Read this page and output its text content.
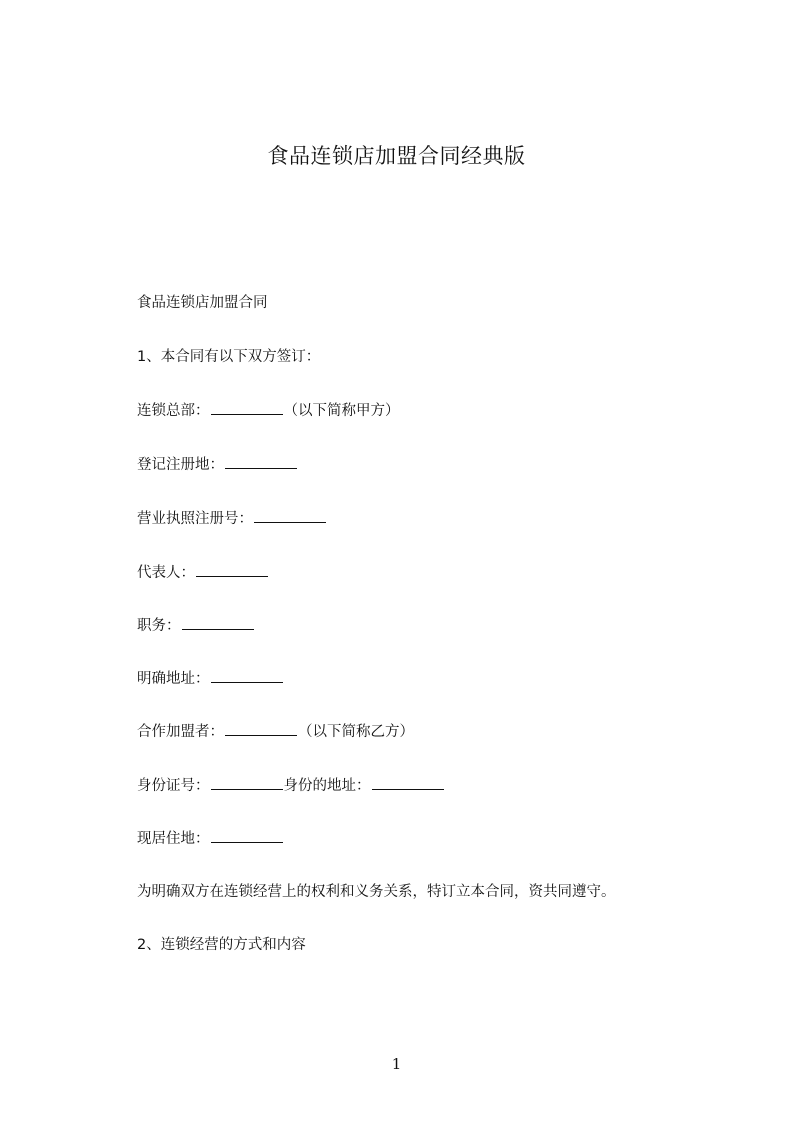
食品连锁店加盟合同经典版

食品连锁店加盟合同

1、本合同有以下双方签订：

连锁总部：	（以下简称甲方）

登记注册地：

营业执照注册号：

代表人：

职务：

明确地址：

合作加盟者：	（以下简称乙方）

身份证号：	身份的地址：

现居住地：

为明确双方在连锁经营上的权利和义务关系，特订立本合同，资共同遵守。

2、连锁经营的方式和内容

1
